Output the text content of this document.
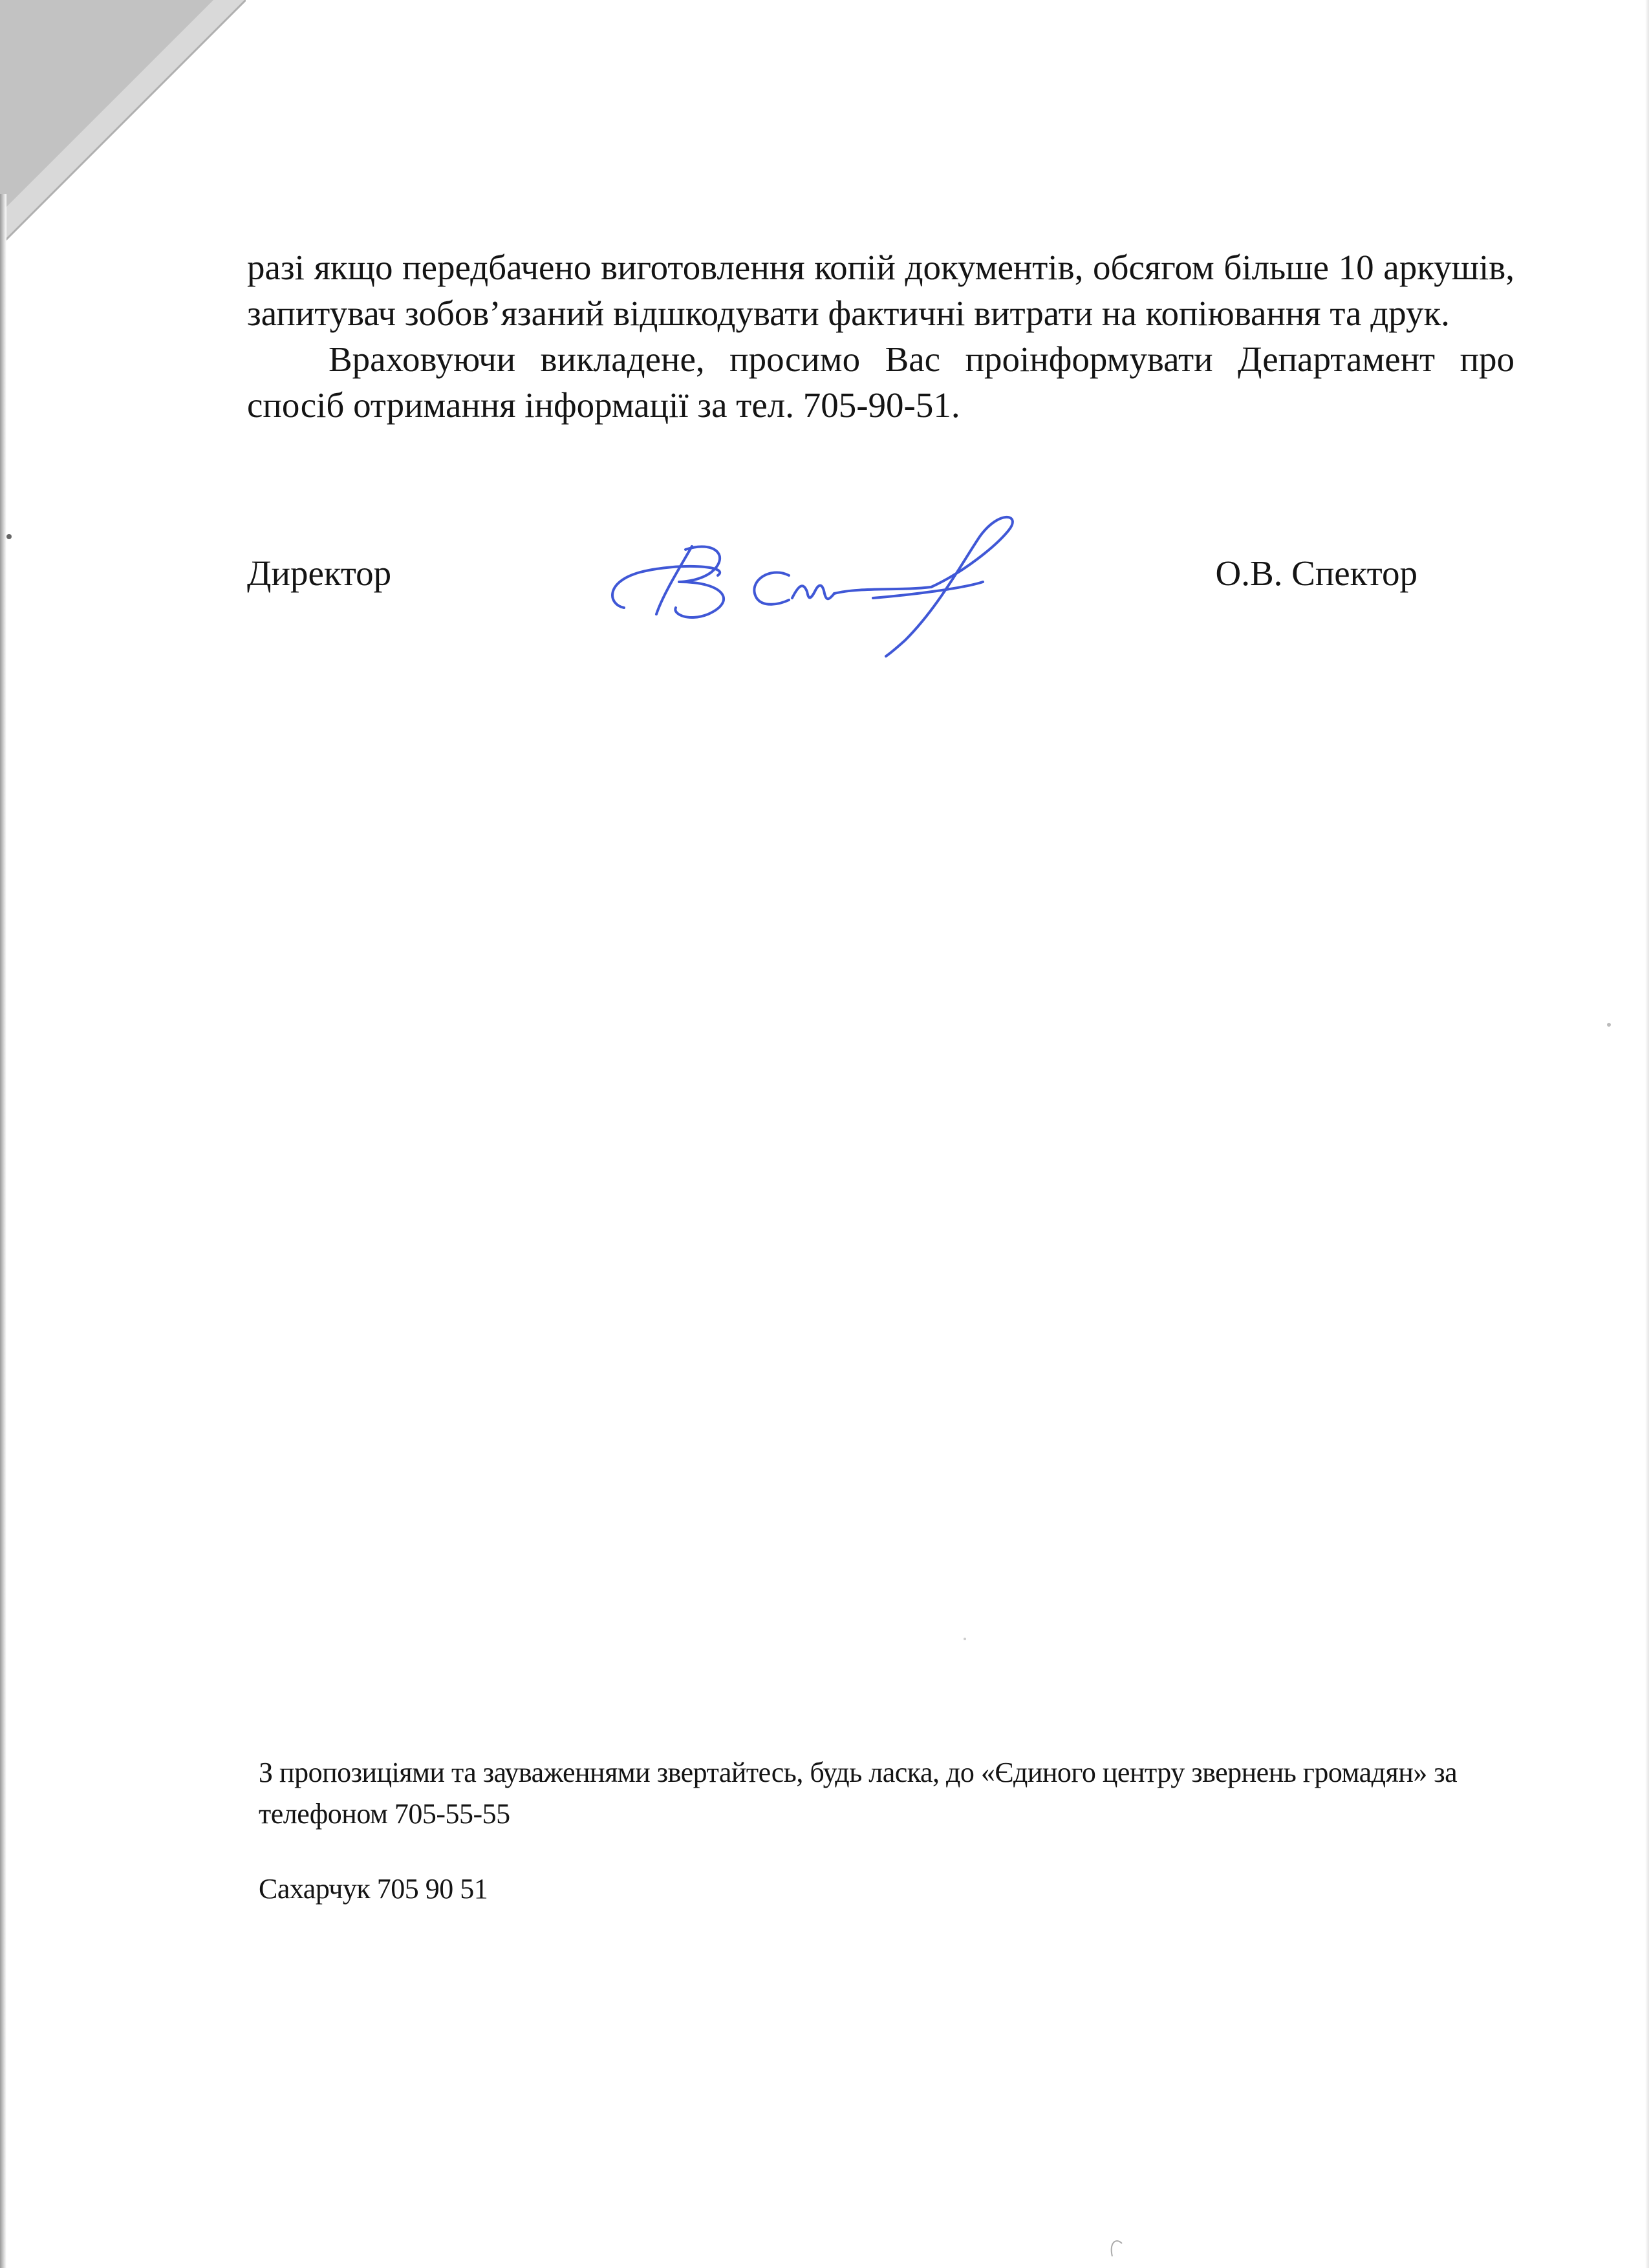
разі якщо передбачено виготовлення копій документів, обсягом більше 10 аркушів, запитувач зобов’язаний відшкодувати фактичні витрати на копіювання та друк.

Враховуючи викладене, просимо Вас проінформувати Департамент про спосіб отримання інформації за тел. 705-90-51.

Директор	О.В. Спектор
З пропозиціями та зауваженнями звертайтесь, будь ласка, до «Єдиного центру звернень громадян» за телефоном 705-55-55
Сахарчук 705 90 51
